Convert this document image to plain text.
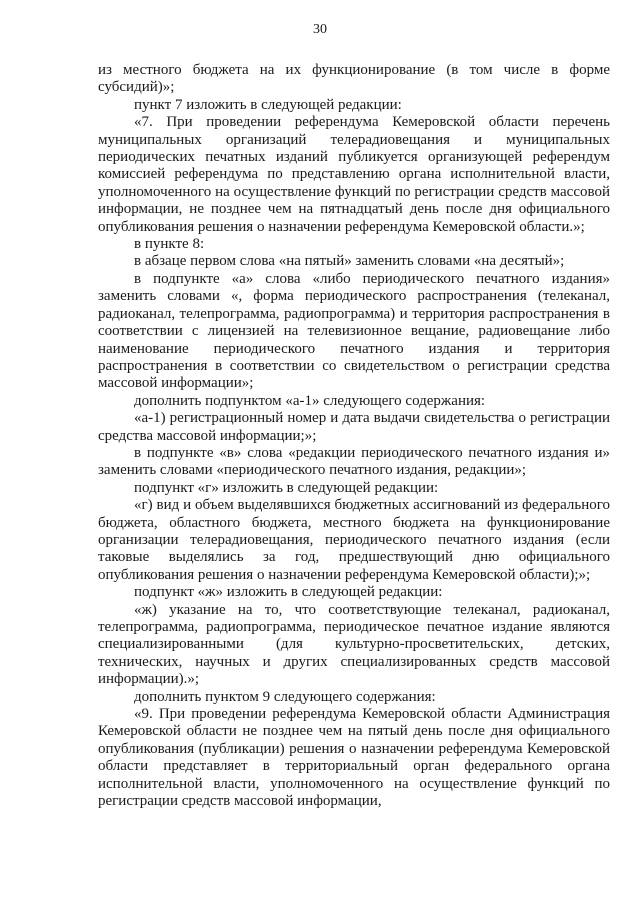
30

из местного бюджета на их функционирование (в том числе в форме субсидий)»;

пункт 7 изложить в следующей редакции:

«7. При проведении референдума Кемеровской области перечень муниципальных организаций телерадиовещания и муниципальных периодических печатных изданий публикуется организующей референдум комиссией референдума по представлению органа исполнительной власти, уполномоченного на осуществление функций по регистрации средств массовой информации, не позднее чем на пятнадцатый день после дня официального опубликования решения о назначении референдума Кемеровской области.»;

в пункте 8:

в абзаце первом слова «на пятый» заменить словами «на десятый»;

в подпункте «а» слова «либо периодического печатного издания» заменить словами «, форма периодического распространения (телеканал, радиоканал, телепрограмма, радиопрограмма) и территория распространения в соответствии с лицензией на телевизионное вещание, радиовещание либо наименование периодического печатного издания и территория распространения в соответствии со свидетельством о регистрации средства массовой информации»;

дополнить подпунктом «а-1» следующего содержания:

«а-1) регистрационный номер и дата выдачи свидетельства о регистрации средства массовой информации;»;

в подпункте «в» слова «редакции периодического печатного издания и» заменить словами «периодического печатного издания, редакции»;

подпункт «г» изложить в следующей редакции:

«г) вид и объем выделявшихся бюджетных ассигнований из федерального бюджета, областного бюджета, местного бюджета на функционирование организации телерадиовещания, периодического печатного издания (если таковые выделялись за год, предшествующий дню официального опубликования решения о назначении референдума Кемеровской области);»;

подпункт «ж» изложить в следующей редакции:

«ж) указание на то, что соответствующие телеканал, радиоканал, телепрограмма, радиопрограмма, периодическое печатное издание являются специализированными (для культурно-просветительских, детских, технических, научных и других специализированных средств массовой информации).»;

дополнить пунктом 9 следующего содержания:

«9. При проведении референдума Кемеровской области Администрация Кемеровской области не позднее чем на пятый день после дня официального опубликования (публикации) решения о назначении референдума Кемеровской области представляет в территориальный орган федерального органа исполнительной власти, уполномоченного на осуществление функций по регистрации средств массовой информации,
